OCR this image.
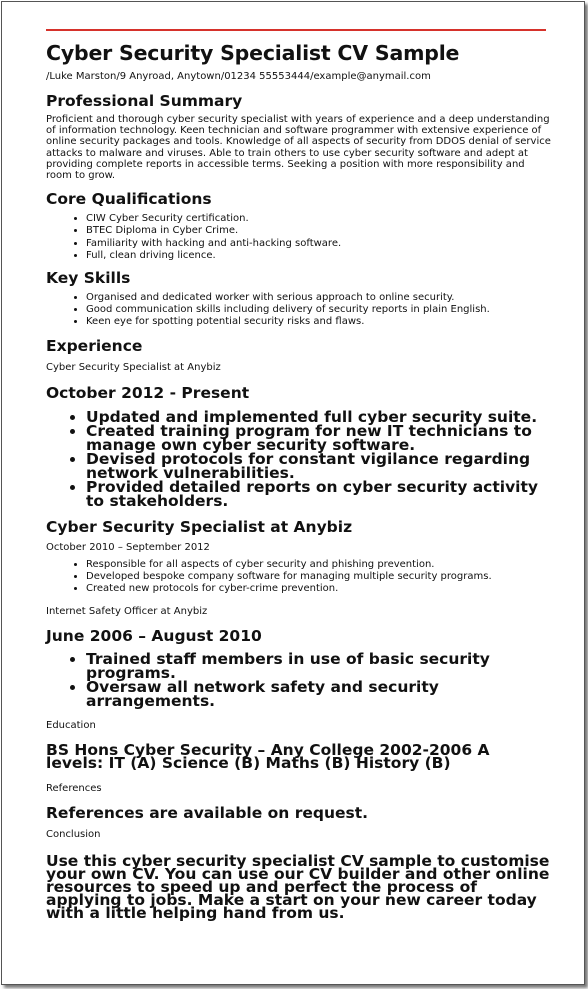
Cyber Security Specialist CV Sample

/Luke Marston/9 Anyroad, Anytown/01234 55553444/example@anymail.com

Professional Summary

Proficient and thorough cyber security specialist with years of experience and a deep understanding of information technology. Keen technician and software programmer with extensive experience of online security packages and tools. Knowledge of all aspects of security from DDOS denial of service attacks to malware and viruses. Able to train others to use cyber security software and adept at providing complete reports in accessible terms. Seeking a position with more responsibility and room to grow.

Core Qualifications
• CIW Cyber Security certification.
• BTEC Diploma in Cyber Crime.
• Familiarity with hacking and anti-hacking software.
• Full, clean driving licence.
Key Skills
• Organised and dedicated worker with serious approach to online security.
• Good communication skills including delivery of security reports in plain English.
• Keen eye for spotting potential security risks and flaws.
Experience

Cyber Security Specialist at Anybiz

October 2012 - Present
• Updated and implemented full cyber security suite.
• Created training program for new IT technicians to manage own cyber security software.
• Devised protocols for constant vigilance regarding network vulnerabilities.
• Provided detailed reports on cyber security activity to stakeholders.
Cyber Security Specialist at Anybiz

October 2010 – September 2012

• Responsible for all aspects of cyber security and phishing prevention.
• Developed bespoke company software for managing multiple security programs.
• Created new protocols for cyber-crime prevention.

Internet Safety Officer at Anybiz

June 2006 – August 2010
• Trained staff members in use of basic security programs.
• Oversaw all network safety and security arrangements.

Education

BS Hons Cyber Security – Any College 2002-2006 A levels: IT (A) Science (B) Maths (B) History (B)

References

References are available on request.

Conclusion

Use this cyber security specialist CV sample to customise your own CV. You can use our CV builder and other online resources to speed up and perfect the process of applying to jobs. Make a start on your new career today with a little helping hand from us.
